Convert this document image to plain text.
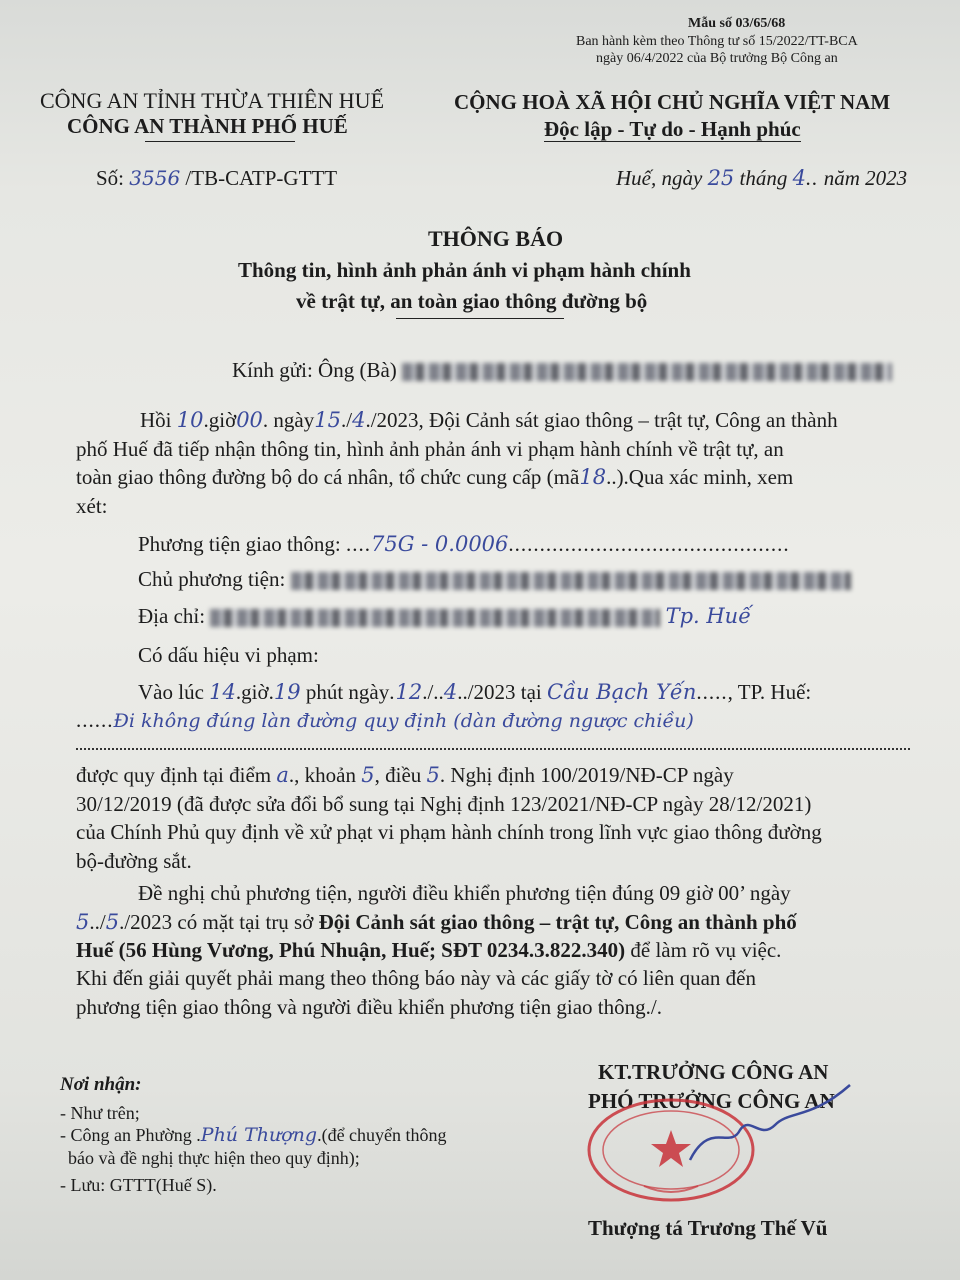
Mẫu số 03/65/68
Ban hành kèm theo Thông tư số 15/2022/TT-BCA
ngày 06/4/2022 của Bộ trưởng Bộ Công an
CÔNG AN TỈNH THỪA THIÊN HUẾ
CÔNG AN THÀNH PHỐ HUẾ
Số: 3556 /TB-CATP-GTTT
CỘNG HOÀ XÃ HỘI CHỦ NGHĨA VIỆT NAM
Độc lập - Tự do - Hạnh phúc
Huế, ngày 25 tháng 4.. năm 2023
THÔNG BÁO
Thông tin, hình ảnh phản ánh vi phạm hành chính
về trật tự, an toàn giao thông đường bộ
Kính gửi: Ông (Bà)
Hồi 10.giờ00. ngày15./4./2023, Đội Cảnh sát giao thông – trật tự, Công an thành
phố Huế đã tiếp nhận thông tin, hình ảnh phản ánh vi phạm hành chính về trật tự, an
toàn giao thông đường bộ do cá nhân, tổ chức cung cấp (mã18..).Qua xác minh, xem
xét:
Phương tiện giao thông: ....75G - 0.0006.............................................
Chủ phương tiện:
Địa chỉ:	Tp. Huế
Có dấu hiệu vi phạm:
Vào lúc 14.giờ.19 phút ngày.12./..4../2023 tại Cầu Bạch Yến....., TP. Huế:
......Đi không đúng làn đường quy định (dàn đường ngược chiều)
được quy định tại điểm a., khoản 5, điều 5. Nghị định 100/2019/NĐ-CP ngày
30/12/2019 (đã được sửa đổi bổ sung tại Nghị định 123/2021/NĐ-CP ngày 28/12/2021)
của Chính Phủ quy định về xử phạt vi phạm hành chính trong lĩnh vực giao thông đường
bộ-đường sắt.
Đề nghị chủ phương tiện, người điều khiển phương tiện đúng 09 giờ 00’ ngày
5../5./2023 có mặt tại trụ sở Đội Cảnh sát giao thông – trật tự, Công an thành phố
Huế (56 Hùng Vương, Phú Nhuận, Huế; SĐT 0234.3.822.340) để làm rõ vụ việc.
Khi đến giải quyết phải mang theo thông báo này và các giấy tờ có liên quan đến
phương tiện giao thông và người điều khiển phương tiện giao thông./.
Nơi nhận:
- Như trên;
- Công an Phường .Phú Thượng.(để chuyển thông
báo và đề nghị thực hiện theo quy định);
- Lưu: GTTT(Huế S).
KT.TRƯỞNG CÔNG AN
PHÓ TRƯỞNG CÔNG AN
Thượng tá Trương Thế Vũ
